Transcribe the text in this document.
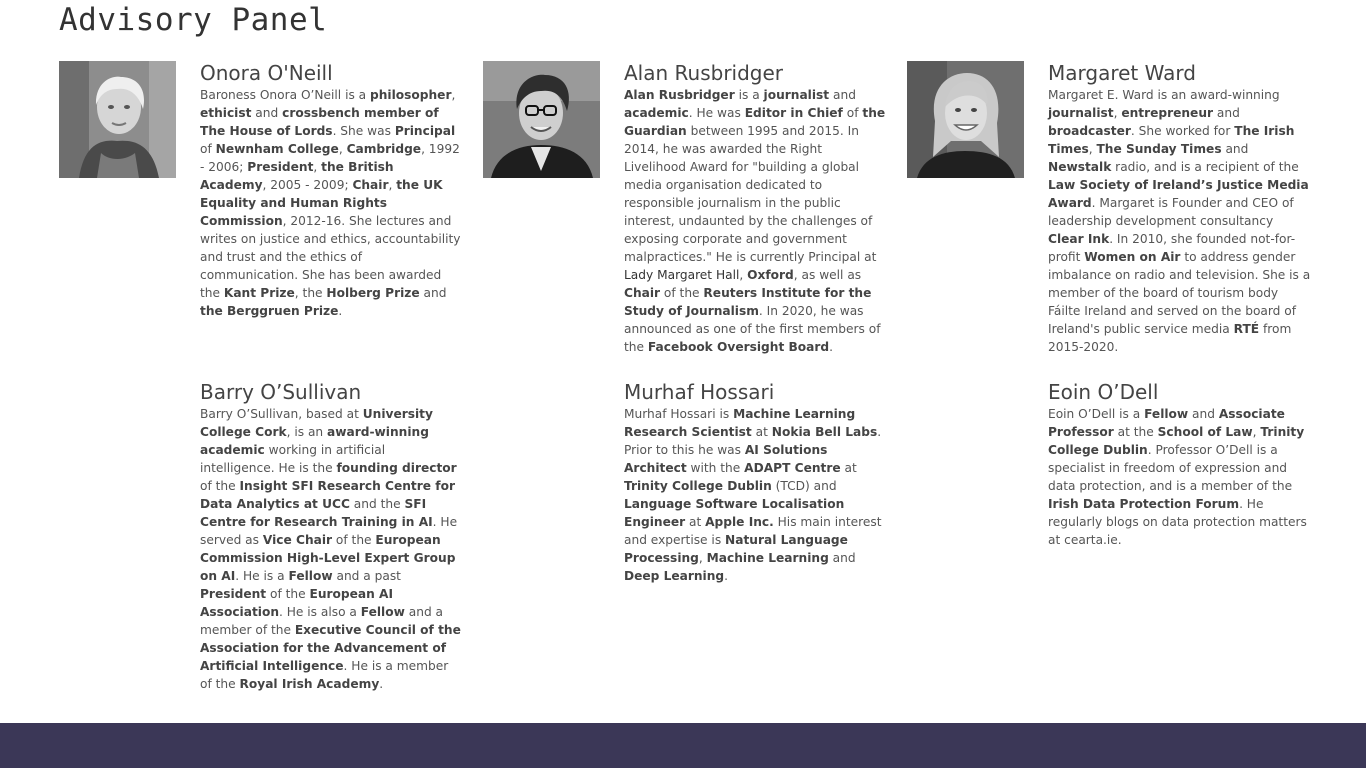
Advisory Panel
Onora O'Neill

Baroness Onora O’Neill is a philosopher, ethicist and crossbench member of The House of Lords. She was Principal of Newnham College, Cambridge, 1992 - 2006; President, the British Academy, 2005 - 2009; Chair, the UK Equality and Human Rights Commission, 2012-16. She lectures and writes on justice and ethics, accountability and trust and the ethics of communication. She has been awarded the Kant Prize, the Holberg Prize and the Berggruen Prize.

Alan Rusbridger

Alan Rusbridger is a journalist and academic. He was Editor in Chief of the Guardian between 1995 and 2015. In 2014, he was awarded the Right Livelihood Award for "building a global media organisation dedicated to responsible journalism in the public interest, undaunted by the challenges of exposing corporate and government malpractices." He is currently Principal at Lady Margaret Hall, Oxford, as well as Chair of the Reuters Institute for the Study of Journalism. In 2020, he was announced as one of the first members of the Facebook Oversight Board.

Margaret Ward

Margaret E. Ward is an award-winning journalist, entrepreneur and broadcaster. She worked for The Irish Times, The Sunday Times and Newstalk radio, and is a recipient of the Law Society of Ireland’s Justice Media Award. Margaret is Founder and CEO of leadership development consultancy Clear Ink. In 2010, she founded not-for-profit Women on Air to address gender imbalance on radio and television. She is a member of the board of tourism body Fáilte Ireland and served on the board of Ireland's public service media RTÉ from 2015-2020.

Barry O’Sullivan

Barry O’Sullivan, based at University College Cork, is an award-winning academic working in artificial intelligence. He is the founding director of the Insight SFI Research Centre for Data Analytics at UCC and the SFI Centre for Research Training in AI. He served as Vice Chair of the European Commission High-Level Expert Group on AI. He is a Fellow and a past President of the European AI Association. He is also a Fellow and a member of the Executive Council of the Association for the Advancement of Artificial Intelligence. He is a member of the Royal Irish Academy.

Murhaf Hossari

Murhaf Hossari is Machine Learning Research Scientist at Nokia Bell Labs. Prior to this he was AI Solutions Architect with the ADAPT Centre at Trinity College Dublin (TCD) and Language Software Localisation Engineer at Apple Inc. His main interest and expertise is Natural Language Processing, Machine Learning and Deep Learning.

Eoin O’Dell

Eoin O’Dell is a Fellow and Associate Professor at the School of Law, Trinity College Dublin. Professor O’Dell is a specialist in freedom of expression and data protection, and is a member of the Irish Data Protection Forum. He regularly blogs on data protection matters at cearta.ie.
